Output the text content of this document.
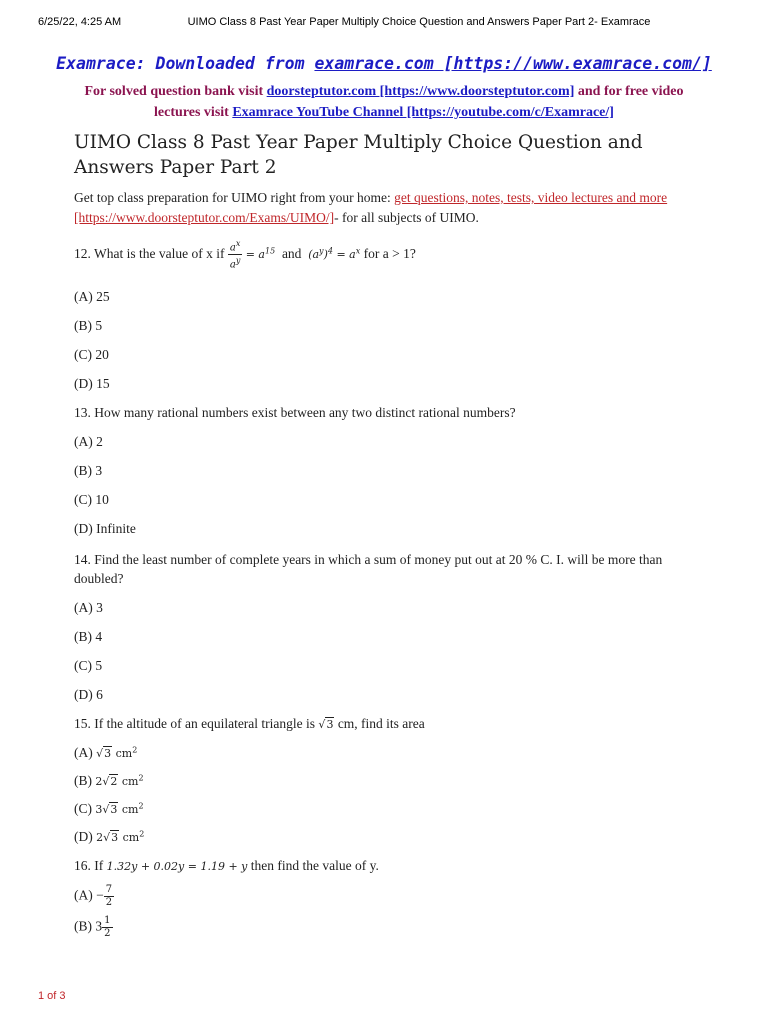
6/25/22, 4:25 AM	UIMO Class 8 Past Year Paper Multiply Choice Question and Answers Paper Part 2- Examrace
Examrace: Downloaded from examrace.com [https://www.examrace.com/]
For solved question bank visit doorsteptutor.com [https://www.doorsteptutor.com] and for free video
lectures visit Examrace YouTube Channel [https://youtube.com/c/Examrace/]
UIMO Class 8 Past Year Paper Multiply Choice Question and Answers Paper Part 2

Get top class preparation for UIMO right from your home: get questions, notes, tests, video lectures and more [https://www.doorsteptutor.com/Exams/UIMO/]- for all subjects of UIMO.

12. What is the value of x if $\frac{a^x}{a^y} = a^{15}$ and $(a^y)^4 = a^x$ for a > 1?

(A) 25

(B) 5

(C) 20

(D) 15

13. How many rational numbers exist between any two distinct rational numbers?

(A) 2

(B) 3

(C) 10

(D) Infinite

14. Find the least number of complete years in which a sum of money put out at 20 % C. I. will be more than doubled?

(A) 3

(B) 4

(C) 5

(D) 6

15. If the altitude of an equilateral triangle is √3 cm, find its area

(A) √3 $cm^2$

(B) 2√2 $cm^2$

(C) 3√3 $cm^2$

(D) 2√3 $cm^2$

16. If 1.32y + 0.02y = 1.19 + y then find the value of y.

$(A) - \frac{7}{2}$

(B) $3 \frac{1}{2}$

1 of 3
